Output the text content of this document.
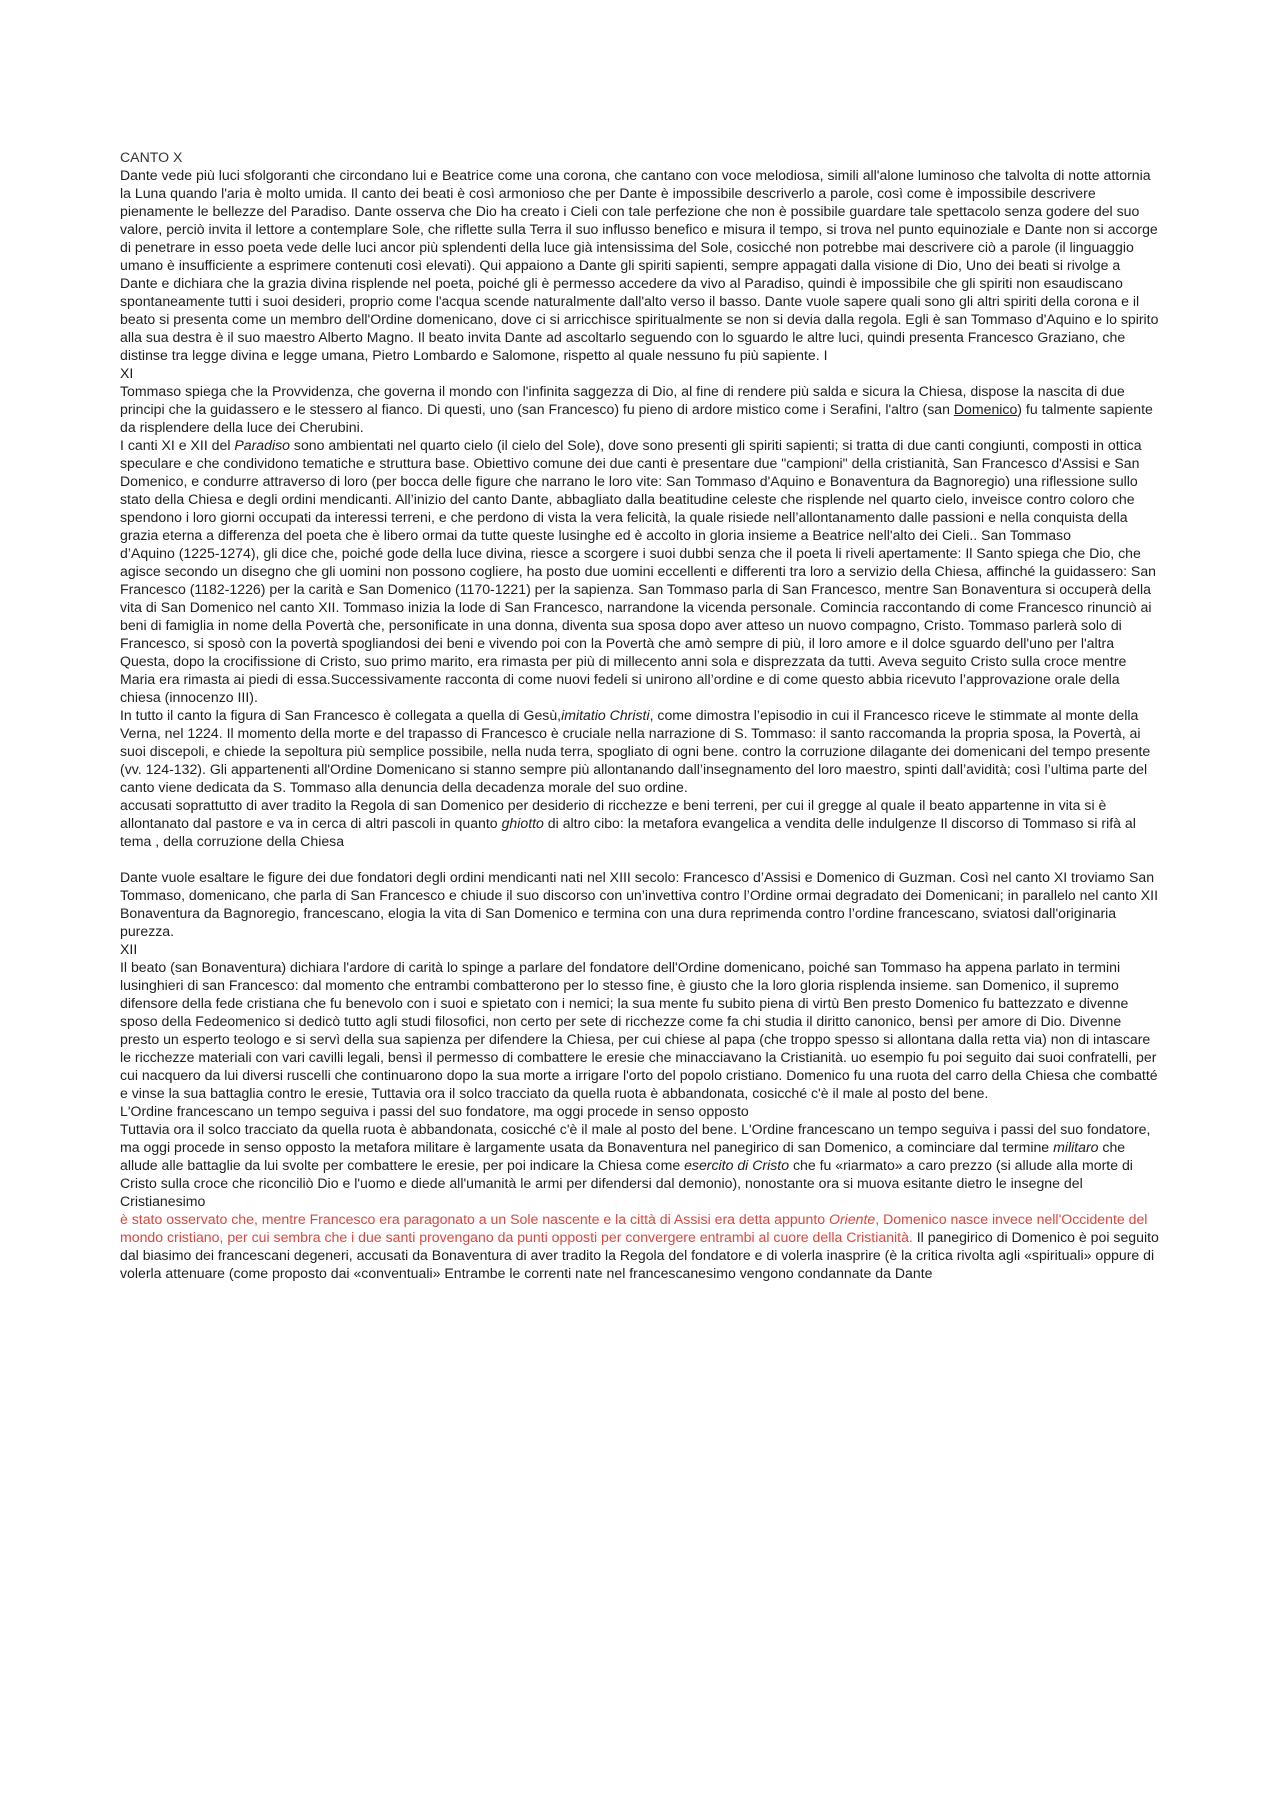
CANTO X

Dante vede più luci sfolgoranti che circondano lui e Beatrice come una corona, che cantano con voce melodiosa, simili all'alone luminoso che talvolta di notte attornia la Luna quando l'aria è molto umida. Il canto dei beati è così armonioso che per Dante è impossibile descriverlo a parole, così come è impossibile descrivere pienamente le bellezze del Paradiso. Dante osserva che Dio ha creato i Cieli con tale perfezione che non è possibile guardare tale spettacolo senza godere del suo valore, perciò invita il lettore a contemplare Sole, che riflette sulla Terra il suo influsso benefico e misura il tempo, si trova nel punto equinoziale e Dante non si accorge di penetrare in esso poeta vede delle luci ancor più splendenti della luce già intensissima del Sole, cosicché non potrebbe mai descrivere ciò a parole (il linguaggio umano è insufficiente a esprimere contenuti così elevati). Qui appaiono a Dante gli spiriti sapienti, sempre appagati dalla visione di Dio, Uno dei beati si rivolge a Dante e dichiara che la grazia divina risplende nel poeta, poiché gli è permesso accedere da vivo al Paradiso, quindi è impossibile che gli spiriti non esaudiscano spontaneamente tutti i suoi desideri, proprio come l'acqua scende naturalmente dall'alto verso il basso. Dante vuole sapere quali sono gli altri spiriti della corona e il beato si presenta come un membro dell'Ordine domenicano, dove ci si arricchisce spiritualmente se non si devia dalla regola. Egli è san Tommaso d'Aquino e lo spirito alla sua destra è il suo maestro Alberto Magno. Il beato invita Dante ad ascoltarlo seguendo con lo sguardo le altre luci, quindi presenta Francesco Graziano, che distinse tra legge divina e legge umana, Pietro Lombardo e Salomone, rispetto al quale nessuno fu più sapiente. I

XI

Tommaso spiega che la Provvidenza, che governa il mondo con l'infinita saggezza di Dio, al fine di rendere più salda e sicura la Chiesa, dispose la nascita di due principi che la guidassero e le stessero al fianco. Di questi, uno (san Francesco) fu pieno di ardore mistico come i Serafini, l'altro (san Domenico) fu talmente sapiente da risplendere della luce dei Cherubini.

I canti XI e XII del Paradiso sono ambientati nel quarto cielo (il cielo del Sole), dove sono presenti gli spiriti sapienti; si tratta di due canti congiunti, composti in ottica speculare e che condividono tematiche e struttura base. Obiettivo comune dei due canti è presentare due "campioni" della cristianità, San Francesco d'Assisi e San Domenico, e condurre attraverso di loro (per bocca delle figure che narrano le loro vite: San Tommaso d'Aquino e Bonaventura da Bagnoregio) una riflessione sullo stato della Chiesa e degli ordini mendicanti. All’inizio del canto Dante, abbagliato dalla beatitudine celeste che risplende nel quarto cielo, inveisce contro coloro che spendono i loro giorni occupati da interessi terreni, e che perdono di vista la vera felicità, la quale risiede nell’allontanamento dalle passioni e nella conquista della grazia eterna a differenza del poeta che è libero ormai da tutte queste lusinghe ed è accolto in gloria insieme a Beatrice nell'alto dei Cieli.. San Tommaso

d’Aquino (1225-1274), gli dice che, poiché gode della luce divina, riesce a scorgere i suoi dubbi senza che il poeta li riveli apertamente: Il Santo spiega che Dio, che agisce secondo un disegno che gli uomini non possono cogliere, ha posto due uomini eccellenti e differenti tra loro a servizio della Chiesa, affinché la guidassero: San Francesco (1182-1226) per la carità e San Domenico (1170-1221) per la sapienza. San Tommaso parla di San Francesco, mentre San Bonaventura si occuperà della vita di San Domenico nel canto XII. Tommaso inizia la lode di San Francesco, narrandone la vicenda personale. Comincia raccontando di come Francesco rinunciò ai beni di famiglia in nome della Povertà che, personificate in una donna, diventa sua sposa dopo aver atteso un nuovo compagno, Cristo. Tommaso parlerà solo di Francesco, si sposò con la povertà spogliandosi dei beni e vivendo poi con la Povertà che amò sempre di più, il loro amore e il dolce sguardo dell'uno per l'altra Questa, dopo la crocifissione di Cristo, suo primo marito, era rimasta per più di millecento anni sola e disprezzata da tutti. Aveva seguito Cristo sulla croce mentre Maria era rimasta ai piedi di essa.Successivamente racconta di come nuovi fedeli si unirono all’ordine e di come questo abbia ricevuto l’approvazione orale della chiesa (innocenzo III).

In tutto il canto la figura di San Francesco è collegata a quella di Gesù,imitatio Christi, come dimostra l’episodio in cui il Francesco riceve le stimmate al monte della Verna, nel 1224. Il momento della morte e del trapasso di Francesco è cruciale nella narrazione di S. Tommaso: il santo raccomanda la propria sposa, la Povertà, ai suoi discepoli, e chiede la sepoltura più semplice possibile, nella nuda terra, spogliato di ogni bene. contro la corruzione dilagante dei domenicani del tempo presente (vv. 124-132). Gli appartenenti all'Ordine Domenicano si stanno sempre più allontanando dall’insegnamento del loro maestro, spinti dall’avidità; così l’ultima parte del canto viene dedicata da S. Tommaso alla denuncia della decadenza morale del suo ordine.

accusati soprattutto di aver tradito la Regola di san Domenico per desiderio di ricchezze e beni terreni, per cui il gregge al quale il beato appartenne in vita si è allontanato dal pastore e va in cerca di altri pascoli in quanto ghiotto di altro cibo: la metafora evangelica a vendita delle indulgenze Il discorso di Tommaso si rifà al tema , della corruzione della Chiesa

Dante vuole esaltare le figure dei due fondatori degli ordini mendicanti nati nel XIII secolo: Francesco d’Assisi e Domenico di Guzman. Così nel canto XI troviamo San Tommaso, domenicano, che parla di San Francesco e chiude il suo discorso con un’invettiva contro l’Ordine ormai degradato dei Domenicani; in parallelo nel canto XII Bonaventura da Bagnoregio, francescano, elogia la vita di San Domenico e termina con una dura reprimenda contro l’ordine francescano, sviatosi dall'originaria purezza.

XII

Il beato (san Bonaventura) dichiara l'ardore di carità lo spinge a parlare del fondatore dell'Ordine domenicano, poiché san Tommaso ha appena parlato in termini lusinghieri di san Francesco: dal momento che entrambi combatterono per lo stesso fine, è giusto che la loro gloria risplenda insieme. san Domenico, il supremo difensore della fede cristiana che fu benevolo con i suoi e spietato con i nemici; la sua mente fu subito piena di virtù Ben presto Domenico fu battezzato e divenne sposo della Fedeomenico si dedicò tutto agli studi filosofici, non certo per sete di ricchezze come fa chi studia il diritto canonico, bensì per amore di Dio. Divenne presto un esperto teologo e si servì della sua sapienza per difendere la Chiesa, per cui chiese al papa (che troppo spesso si allontana dalla retta via) non di intascare le ricchezze materiali con vari cavilli legali, bensì il permesso di combattere le eresie che minacciavano la Cristianità. uo esempio fu poi seguito dai suoi confratelli, per cui nacquero da lui diversi ruscelli che continuarono dopo la sua morte a irrigare l'orto del popolo cristiano. Domenico fu una ruota del carro della Chiesa che combatté e vinse la sua battaglia contro le eresie, Tuttavia ora il solco tracciato da quella ruota è abbandonata, cosicché c'è il male al posto del bene.

L'Ordine francescano un tempo seguiva i passi del suo fondatore, ma oggi procede in senso opposto

Tuttavia ora il solco tracciato da quella ruota è abbandonata, cosicché c'è il male al posto del bene. L'Ordine francescano un tempo seguiva i passi del suo fondatore, ma oggi procede in senso opposto la metafora militare è largamente usata da Bonaventura nel panegirico di san Domenico, a cominciare dal termine militaro che allude alle battaglie da lui svolte per combattere le eresie, per poi indicare la Chiesa come esercito di Cristo che fu «riarmato» a caro prezzo (si allude alla morte di Cristo sulla croce che riconciliò Dio e l'uomo e diede all'umanità le armi per difendersi dal demonio), nonostante ora si muova esitante dietro le insegne del Cristianesimo

è stato osservato che, mentre Francesco era paragonato a un Sole nascente e la città di Assisi era detta appunto Oriente, Domenico nasce invece nell'Occidente del mondo cristiano, per cui sembra che i due santi provengano da punti opposti per convergere entrambi al cuore della Cristianità. Il panegirico di Domenico è poi seguito dal biasimo dei francescani degeneri, accusati da Bonaventura di aver tradito la Regola del fondatore e di volerla inasprire (è la critica rivolta agli «spirituali» oppure di volerla attenuare (come proposto dai «conventuali» Entrambe le correnti nate nel francescanesimo vengono condannate da Dante
